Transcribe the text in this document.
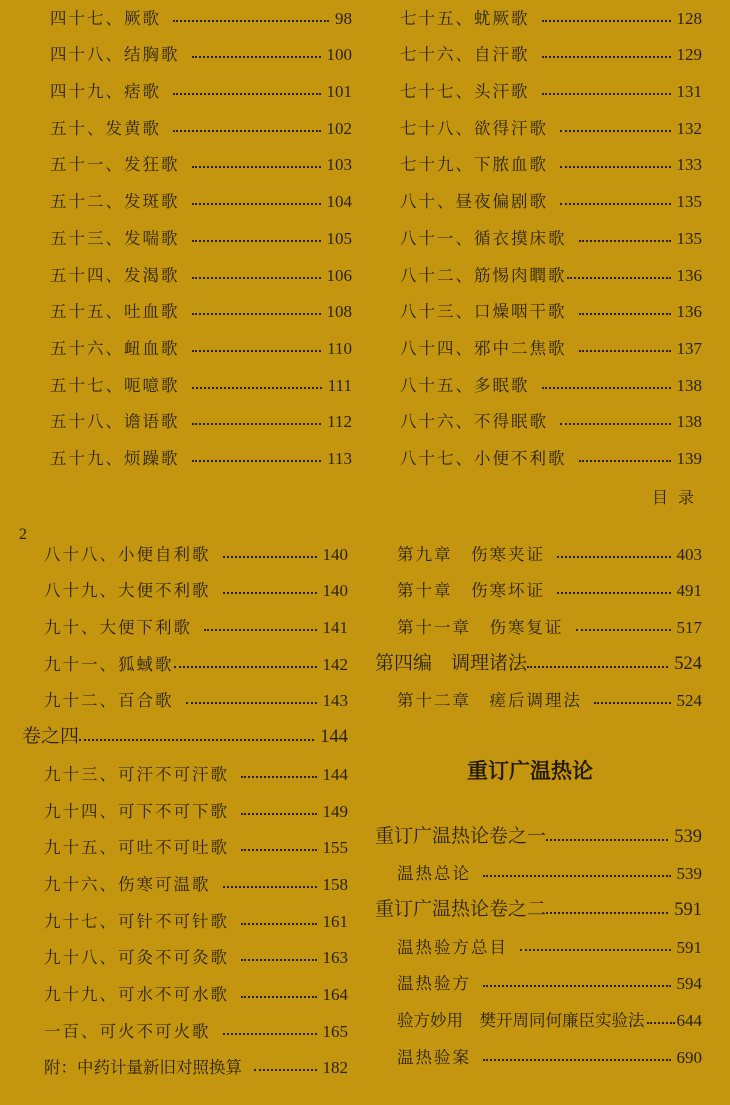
四十七、厥歌	98
四十八、结胸歌	100
四十九、痞歌	101
五十、发黄歌	102
五十一、发狂歌	103
五十二、发斑歌	104
五十三、发喘歌	105
五十四、发渴歌	106
五十五、吐血歌	108
五十六、衄血歌	110
五十七、呃噫歌	111
五十八、谵语歌	112
五十九、烦躁歌	113
七十五、蚘厥歌	128
七十六、自汗歌	129
七十七、头汗歌	131
七十八、欲得汗歌	132
七十九、下脓血歌	133
八十、昼夜偏剧歌	135
八十一、循衣摸床歌	135
八十二、筋惕肉瞤歌	136
八十三、口燥咽干歌	136
八十四、邪中二焦歌	137
八十五、多眠歌	138
八十六、不得眠歌	138
八十七、小便不利歌	139
目录
2
八十八、小便自利歌	140
八十九、大便不利歌	140
九十、大便下利歌	141
九十一、狐蜮歌	142
九十二、百合歌	143
卷之四	144
九十三、可汗不可汗歌	144
九十四、可下不可下歌	149
九十五、可吐不可吐歌	155
九十六、伤寒可温歌	158
九十七、可针不可针歌	161
九十八、可灸不可灸歌	163
九十九、可水不可水歌	164
一百、可火不可火歌	165
附：中药计量新旧对照换算	182
第九章　伤寒夹证	403
第十章　伤寒坏证	491
第十一章　伤寒复证	517
第四编　调理诸法	524
第十二章　瘥后调理法	524
重订广温热论
重订广温热论卷之一	539
温热总论	539
重订广温热论卷之二	591
温热验方总目	591
温热验方	594
验方妙用　樊开周同何廉臣实验法 644
温热验案	690
